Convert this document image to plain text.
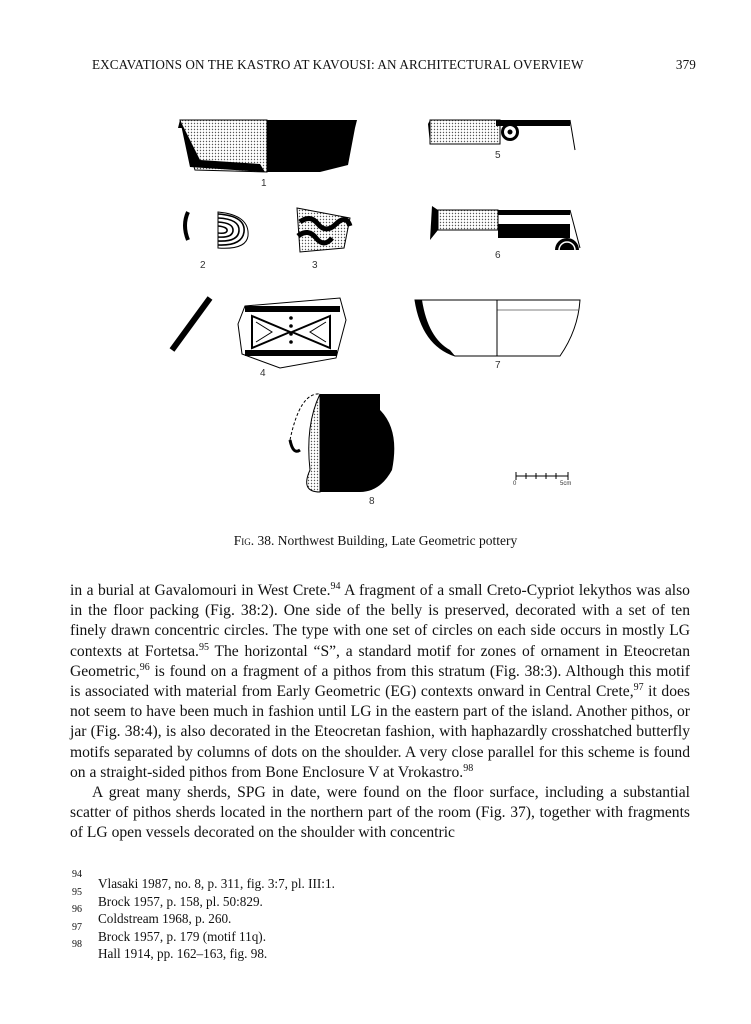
EXCAVATIONS ON THE KASTRO AT KAVOUSI: AN ARCHITECTURAL OVERVIEW	379
1
2	3
4
5
6
7
8
0	5cm
Fig. 38. Northwest Building, Late Geometric pottery

in a burial at Gavalomouri in West Crete.$^{94}$ A fragment of a small Creto-Cypriot lekythos was also in the floor packing (Fig. 38:2). One side of the belly is preserved, decorated with a set of ten finely drawn concentric circles. The type with one set of circles on each side occurs in mostly LG contexts at Fortetsa.$^{95}$ The horizontal “S”, a standard motif for zones of ornament in Eteocretan Geometric,$^{96}$ is found on a fragment of a pithos from this stratum (Fig. 38:3). Although this motif is associated with material from Early Geometric (EG) contexts onward in Central Crete,$^{97}$ it does not seem to have been much in fashion until LG in the eastern part of the island. Another pithos, or jar (Fig. 38:4), is also decorated in the Eteocretan fashion, with haphazardly crosshatched butterfly motifs separated by columns of dots on the shoulder. A very close parallel for this scheme is found on a straight-sided pithos from Bone Enclosure V at Vrokastro.$^{98}$

A great many sherds, SPG in date, were found on the floor surface, including a substantial scatter of pithos sherds located in the northern part of the room (Fig. 37), together with fragments of LG open vessels decorated on the shoulder with concentric

94
Vlasaki 1987, no. 8, p. 311, fig. 3:7, pl. III:1.
95
Brock 1957, p. 158, pl. 50:829.
96
Coldstream 1968, p. 260.
97
Brock 1957, p. 179 (motif 11q).
98
Hall 1914, pp. 162–163, fig. 98.
